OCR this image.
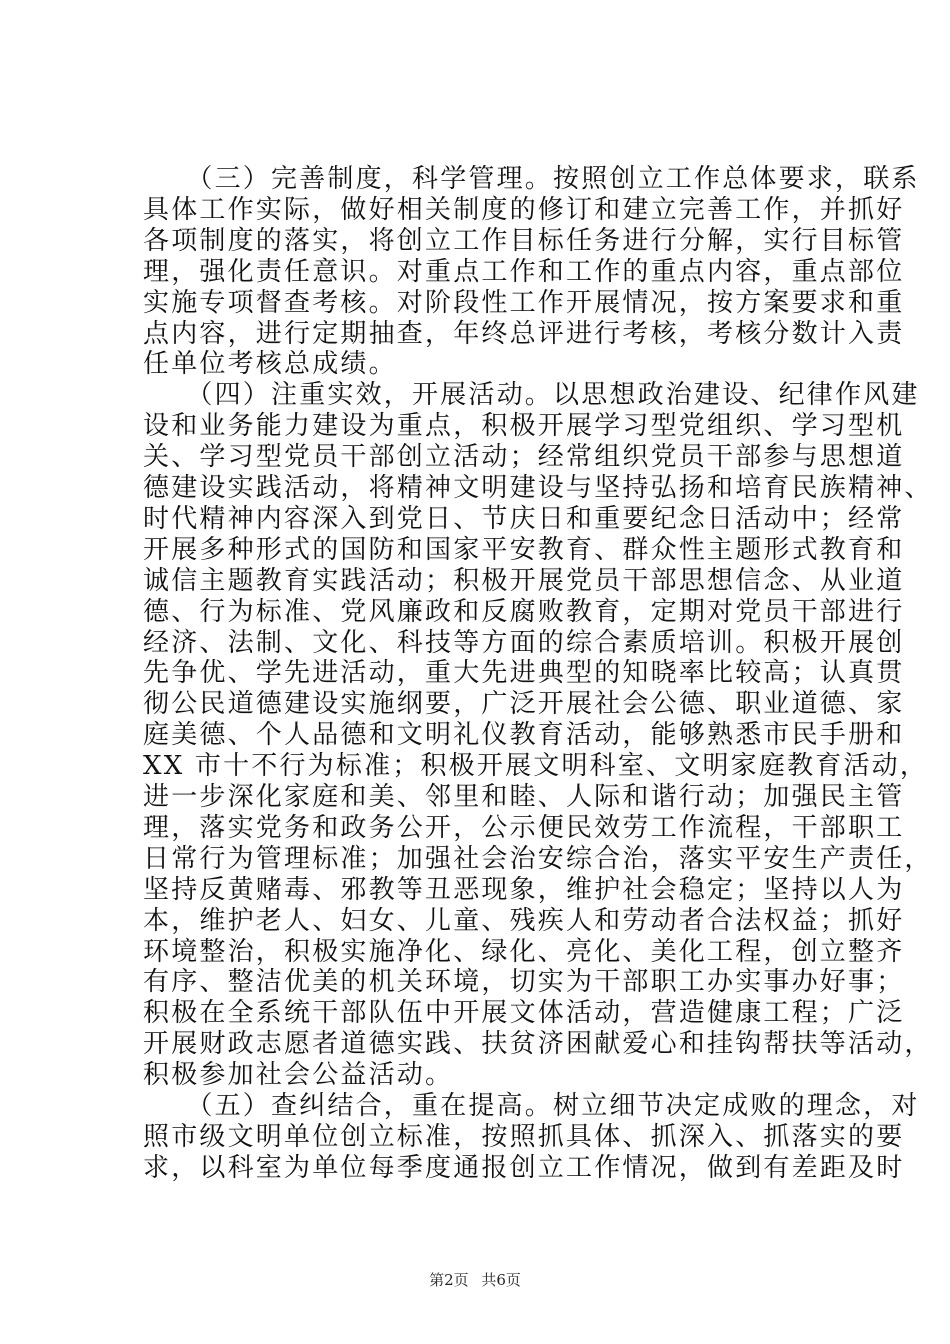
　　（三）完善制度，科学管理。按照创立工作总体要求，联系
具体工作实际，做好相关制度的修订和建立完善工作，并抓好
各项制度的落实，将创立工作目标任务进行分解，实行目标管
理，强化责任意识。对重点工作和工作的重点内容，重点部位
实施专项督查考核。对阶段性工作开展情况，按方案要求和重
点内容，进行定期抽查，年终总评进行考核，考核分数计入责
任单位考核总成绩。
　　（四）注重实效，开展活动。以思想政治建设、纪律作风建
设和业务能力建设为重点，积极开展学习型党组织、学习型机
关、学习型党员干部创立活动；经常组织党员干部参与思想道
德建设实践活动，将精神文明建设与坚持弘扬和培育民族精神、
时代精神内容深入到党日、节庆日和重要纪念日活动中；经常
开展多种形式的国防和国家平安教育、群众性主题形式教育和
诚信主题教育实践活动；积极开展党员干部思想信念、从业道
德、行为标准、党风廉政和反腐败教育，定期对党员干部进行
经济、法制、文化、科技等方面的综合素质培训。积极开展创
先争优、学先进活动，重大先进典型的知晓率比较高；认真贯
彻公民道德建设实施纲要，广泛开展社会公德、职业道德、家
庭美德、个人品德和文明礼仪教育活动，能够熟悉市民手册和
XX 市十不行为标准；积极开展文明科室、文明家庭教育活动，
进一步深化家庭和美、邻里和睦、人际和谐行动；加强民主管
理，落实党务和政务公开，公示便民效劳工作流程，干部职工
日常行为管理标准；加强社会治安综合治，落实平安生产责任，
坚持反黄赌毒、邪教等丑恶现象，维护社会稳定；坚持以人为
本，维护老人、妇女、儿童、残疾人和劳动者合法权益；抓好
环境整治，积极实施净化、绿化、亮化、美化工程，创立整齐
有序、整洁优美的机关环境，切实为干部职工办实事办好事；
积极在全系统干部队伍中开展文体活动，营造健康工程；广泛
开展财政志愿者道德实践、扶贫济困献爱心和挂钩帮扶等活动，
积极参加社会公益活动。
　　（五）查纠结合，重在提高。树立细节决定成败的理念，对
照市级文明单位创立标准，按照抓具体、抓深入、抓落实的要
求，以科室为单位每季度通报创立工作情况，做到有差距及时
第2页 共6页
